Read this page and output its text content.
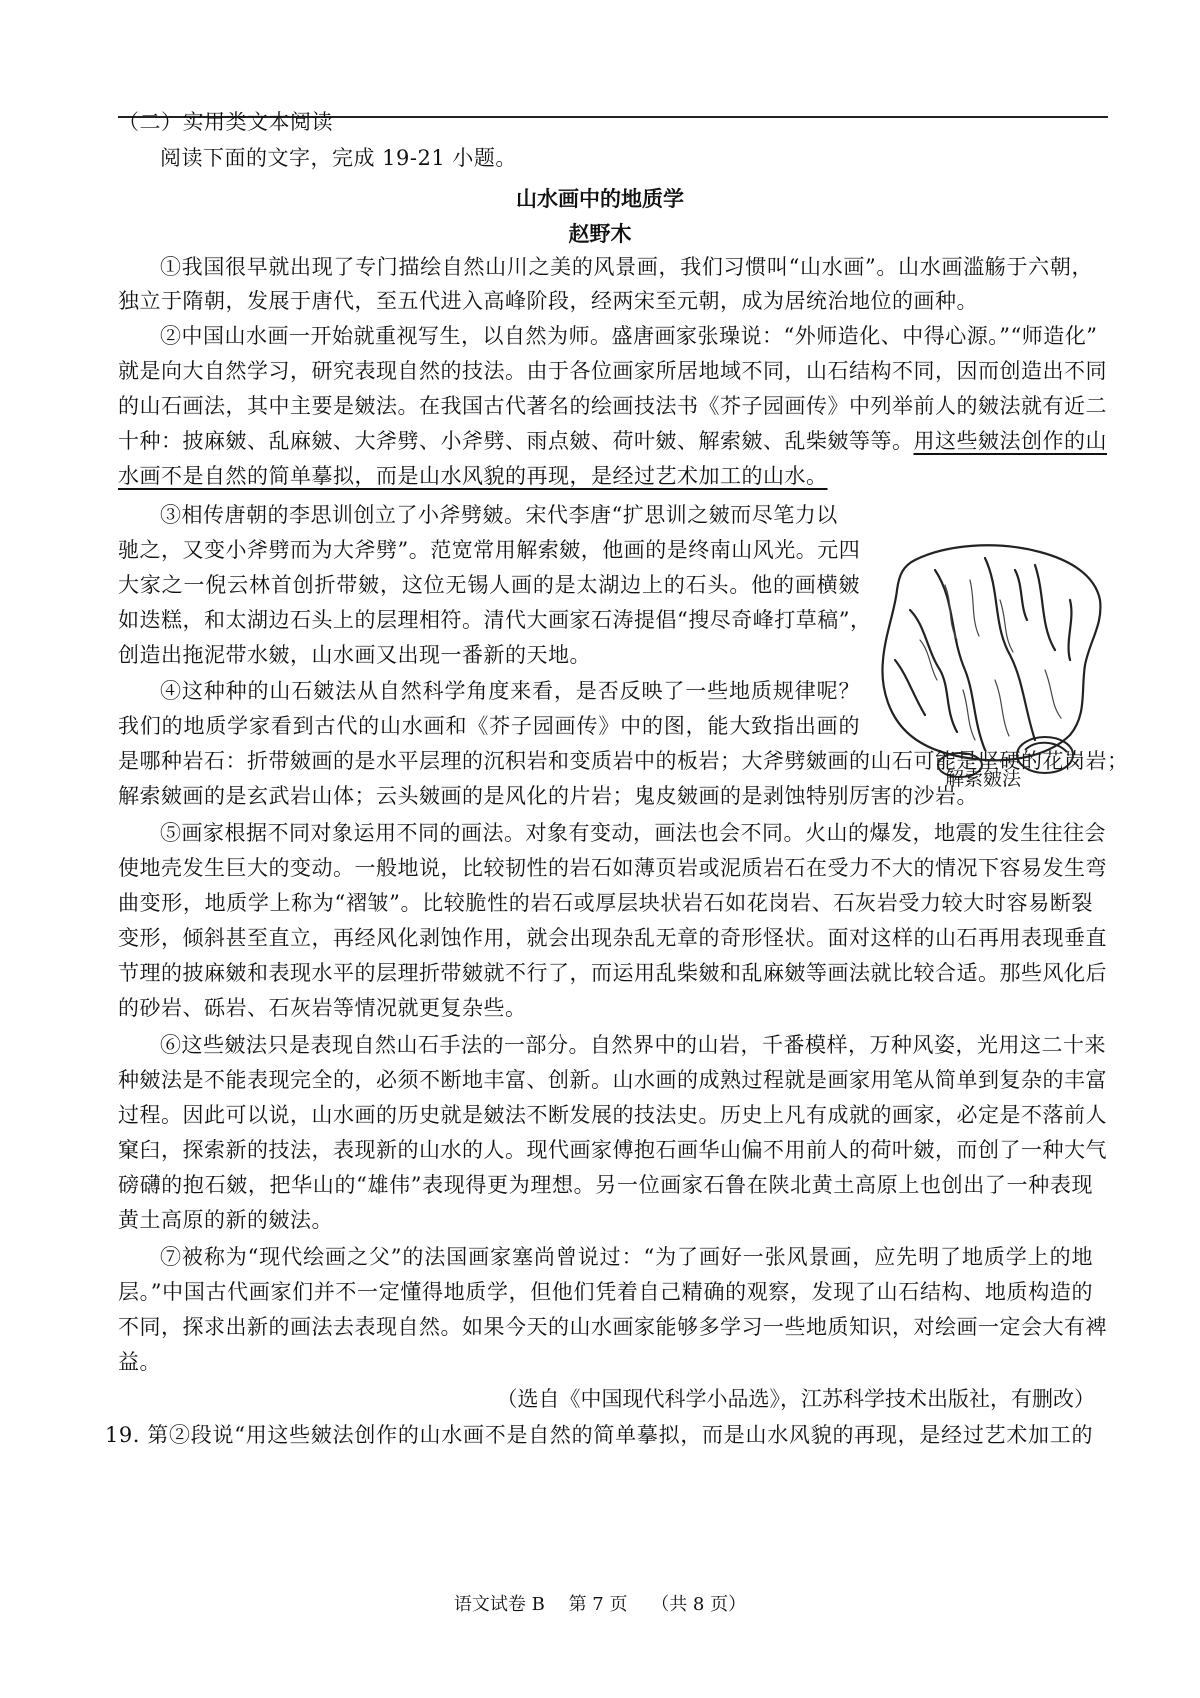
（二）实用类文本阅读
阅读下面的文字，完成 19-21 小题。
山水画中的地质学
赵野木
①我国很早就出现了专门描绘自然山川之美的风景画，我们习惯叫“山水画”。山水画滥觞于六朝，
独立于隋朝，发展于唐代，至五代进入高峰阶段，经两宋至元朝，成为居统治地位的画种。
②中国山水画一开始就重视写生，以自然为师。盛唐画家张璪说：“外师造化、中得心源。”“师造化”
就是向大自然学习，研究表现自然的技法。由于各位画家所居地域不同，山石结构不同，因而创造出不同
的山石画法，其中主要是皴法。在我国古代著名的绘画技法书《芥子园画传》中列举前人的皴法就有近二
十种：披麻皴、乱麻皴、大斧劈、小斧劈、雨点皴、荷叶皴、解索皴、乱柴皴等等。用这些皴法创作的山
水画不是自然的简单摹拟，而是山水风貌的再现，是经过艺术加工的山水。
③相传唐朝的李思训创立了小斧劈皴。宋代李唐“扩思训之皴而尽笔力以
驰之，又变小斧劈而为大斧劈”。范宽常用解索皴，他画的是终南山风光。元四
大家之一倪云林首创折带皴，这位无锡人画的是太湖边上的石头。他的画横皴
如迭糕，和太湖边石头上的层理相符。清代大画家石涛提倡“搜尽奇峰打草稿”，
创造出拖泥带水皴，山水画又出现一番新的天地。
④这种种的山石皴法从自然科学角度来看，是否反映了一些地质规律呢？
我们的地质学家看到古代的山水画和《芥子园画传》中的图，能大致指出画的
是哪种岩石：折带皴画的是水平层理的沉积岩和变质岩中的板岩；大斧劈皴画的山石可能是坚硬的花岗岩；
解索皴画的是玄武岩山体；云头皴画的是风化的片岩；鬼皮皴画的是剥蚀特别厉害的沙岩。
解索皴法
⑤画家根据不同对象运用不同的画法。对象有变动，画法也会不同。火山的爆发，地震的发生往往会
使地壳发生巨大的变动。一般地说，比较韧性的岩石如薄页岩或泥质岩石在受力不大的情况下容易发生弯
曲变形，地质学上称为“褶皱”。比较脆性的岩石或厚层块状岩石如花岗岩、石灰岩受力较大时容易断裂
变形，倾斜甚至直立，再经风化剥蚀作用，就会出现杂乱无章的奇形怪状。面对这样的山石再用表现垂直
节理的披麻皴和表现水平的层理折带皴就不行了，而运用乱柴皴和乱麻皴等画法就比较合适。那些风化后
的砂岩、砾岩、石灰岩等情况就更复杂些。
⑥这些皴法只是表现自然山石手法的一部分。自然界中的山岩，千番模样，万种风姿，光用这二十来
种皴法是不能表现完全的，必须不断地丰富、创新。山水画的成熟过程就是画家用笔从简单到复杂的丰富
过程。因此可以说，山水画的历史就是皴法不断发展的技法史。历史上凡有成就的画家，必定是不落前人
窠臼，探索新的技法，表现新的山水的人。现代画家傅抱石画华山偏不用前人的荷叶皴，而创了一种大气
磅礴的抱石皴，把华山的“雄伟”表现得更为理想。另一位画家石鲁在陕北黄土高原上也创出了一种表现
黄土高原的新的皴法。
⑦被称为“现代绘画之父”的法国画家塞尚曾说过：“为了画好一张风景画，应先明了地质学上的地
层。”中国古代画家们并不一定懂得地质学，但他们凭着自己精确的观察，发现了山石结构、地质构造的
不同，探求出新的画法去表现自然。如果今天的山水画家能够多学习一些地质知识，对绘画一定会大有裨
益。
（选自《中国现代科学小品选》，江苏科学技术出版社，有删改）
19. 第②段说“用这些皴法创作的山水画不是自然的简单摹拟，而是山水风貌的再现，是经过艺术加工的
语文试卷 B 第 7 页 （共 8 页）
